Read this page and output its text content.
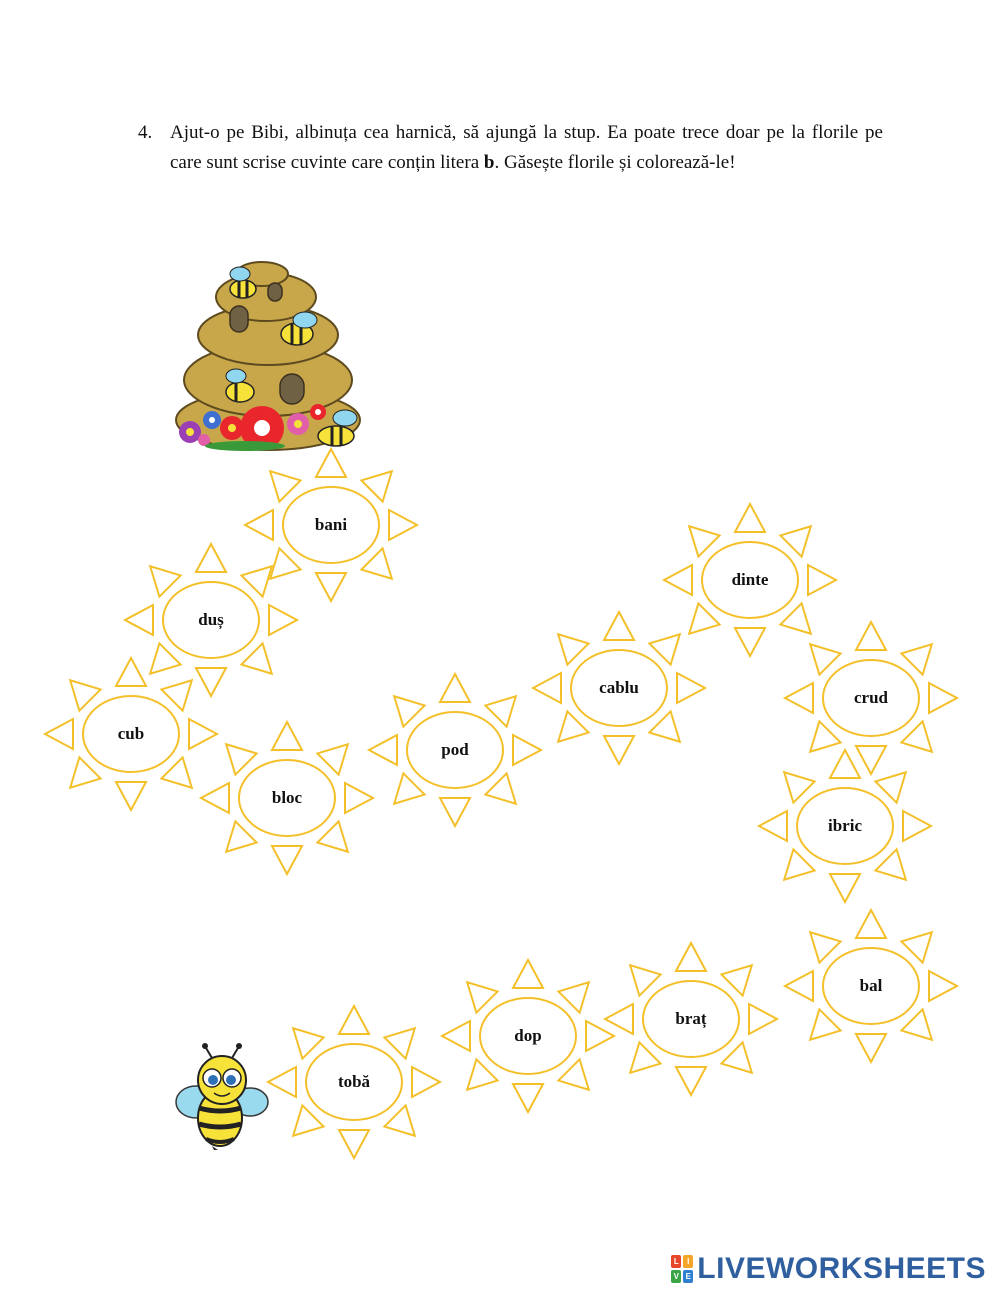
4. Ajut-o pe Bibi, albinuța cea harnică, să ajungă la stup. Ea poate trece doar pe la florile pe care sunt scrise cuvinte care conțin litera b. Găsește florile și colorează-le!
bani
duș
cub
bloc
pod
cablu
dinte
crud
ibric
bal
braț
dop
tobă
L	I
V E LIVEWORKSHEETS
